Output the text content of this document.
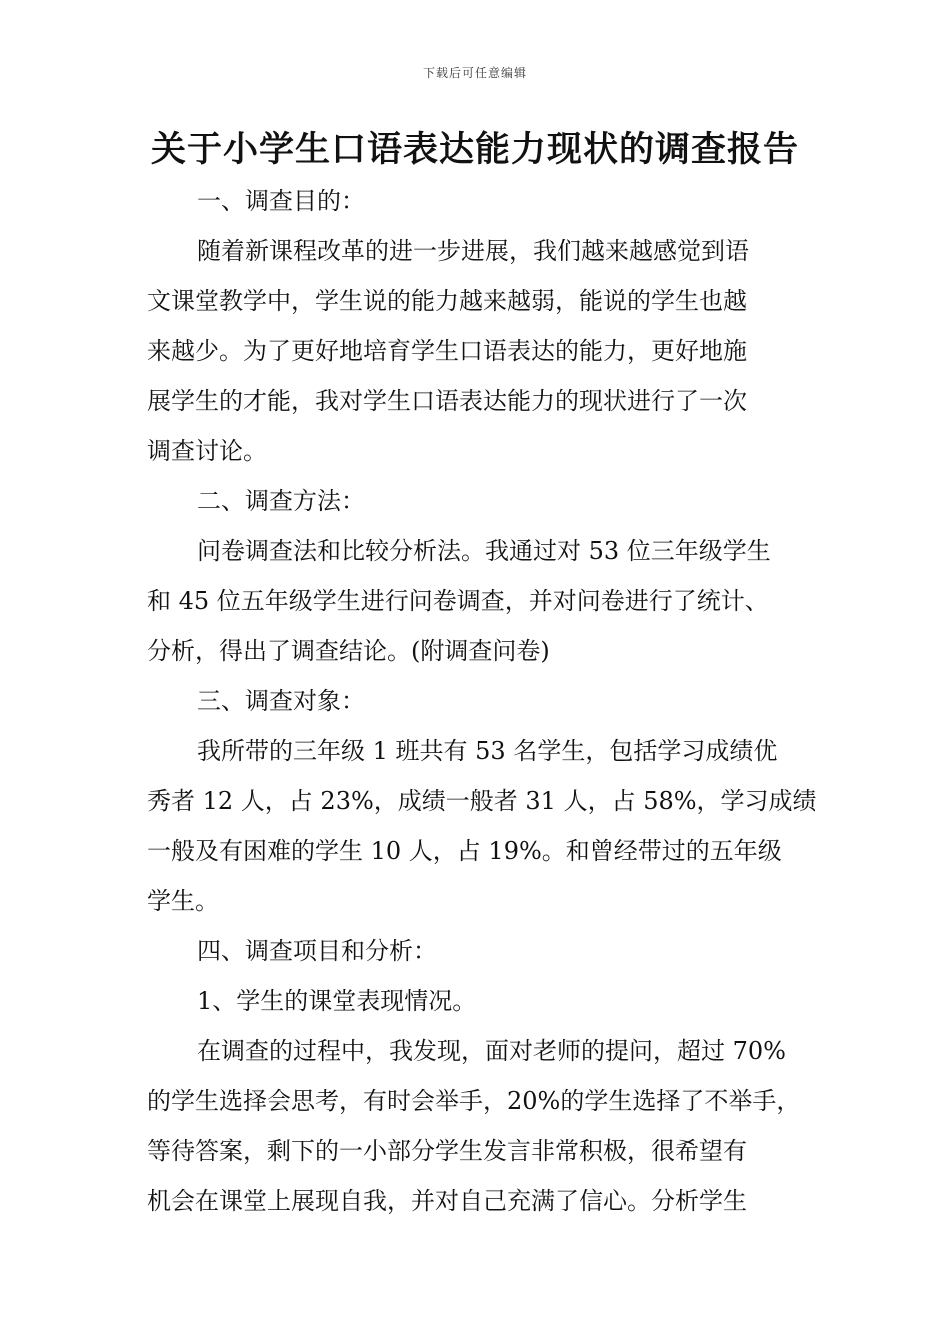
下载后可任意编辑
关于小学生口语表达能力现状的调查报告
一、调查目的：
随着新课程改革的进一步进展，我们越来越感觉到语
文课堂教学中，学生说的能力越来越弱，能说的学生也越
来越少。为了更好地培育学生口语表达的能力，更好地施
展学生的才能，我对学生口语表达能力的现状进行了一次
调查讨论。
二、调查方法：
问卷调查法和比较分析法。我通过对 53 位三年级学生
和 45 位五年级学生进行问卷调查，并对问卷进行了统计、
分析，得出了调查结论。(附调查问卷)
三、调查对象：
我所带的三年级 1 班共有 53 名学生，包括学习成绩优
秀者 12 人，占 23%，成绩一般者 31 人，占 58%，学习成绩
一般及有困难的学生 10 人，占 19%。和曾经带过的五年级
学生。
四、调查项目和分析：
1、学生的课堂表现情况。
在调查的过程中，我发现，面对老师的提问，超过 70%
的学生选择会思考，有时会举手，20%的学生选择了不举手，
等待答案，剩下的一小部分学生发言非常积极，很希望有
机会在课堂上展现自我，并对自己充满了信心。分析学生
